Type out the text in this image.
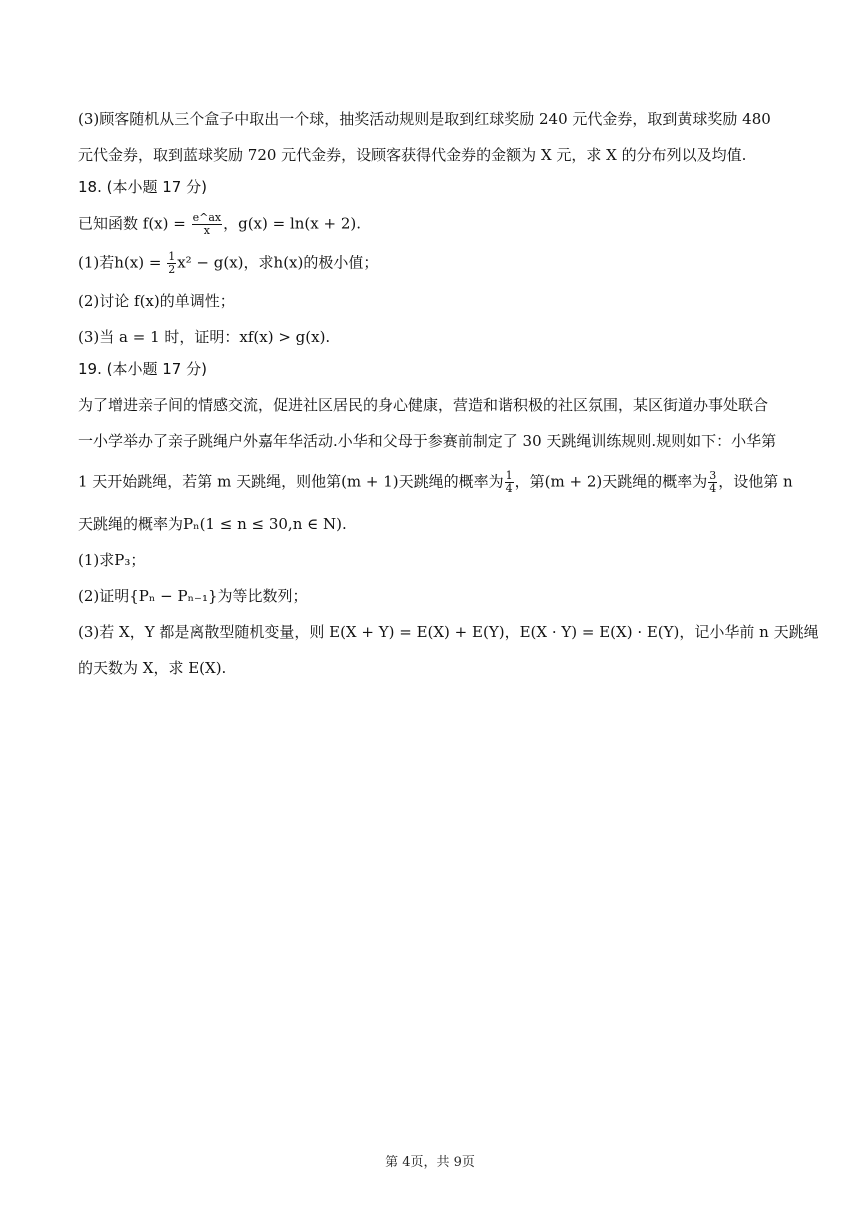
(3)顾客随机从三个盒子中取出一个球，抽奖活动规则是取到红球奖励 240 元代金券，取到黄球奖励 480

元代金券，取到蓝球奖励 720 元代金券，设顾客获得代金券的金额为 X 元，求 X 的分布列以及均值.

18. (本小题 17 分)

已知函数 $f(x) = \frac{e\^{}ax}{x}$ ，g(x) = ln(x + 2).

(1)若$h(x) = \frac{1}{2} x^2 - g(x)$，求h(x)的极小值；

(2)讨论 f(x)的单调性；

(3)当 a = 1 时，证明：xf(x) > g(x).

19. (本小题 17 分)

为了增进亲子间的情感交流，促进社区居民的身心健康，营造和谐积极的社区氛围，某区街道办事处联合

一小学举办了亲子跳绳户外嘉年华活动.小华和父母于参赛前制定了 30 天跳绳训练规则.规则如下：小华第

1 天开始跳绳，若第 m 天跳绳，则他第(m + 1)天跳绳的概率为 $\frac{1}{4}$ ，第(m + 2)天跳绳的概率为 $\frac{3}{4}$ ，设他第 n

天跳绳的概率为Pₙ(1 ≤ n ≤ 30,n ∈ N).

(1)求P₃；

(2)证明{Pₙ − Pₙ₋₁}为等比数列；

(3)若 X，Y 都是离散型随机变量，则 E(X + Y) = E(X) + E(Y)，E(X · Y) = E(X) · E(Y)，记小华前 n 天跳绳

的天数为 X，求 E(X).

第 4页，共 9页
